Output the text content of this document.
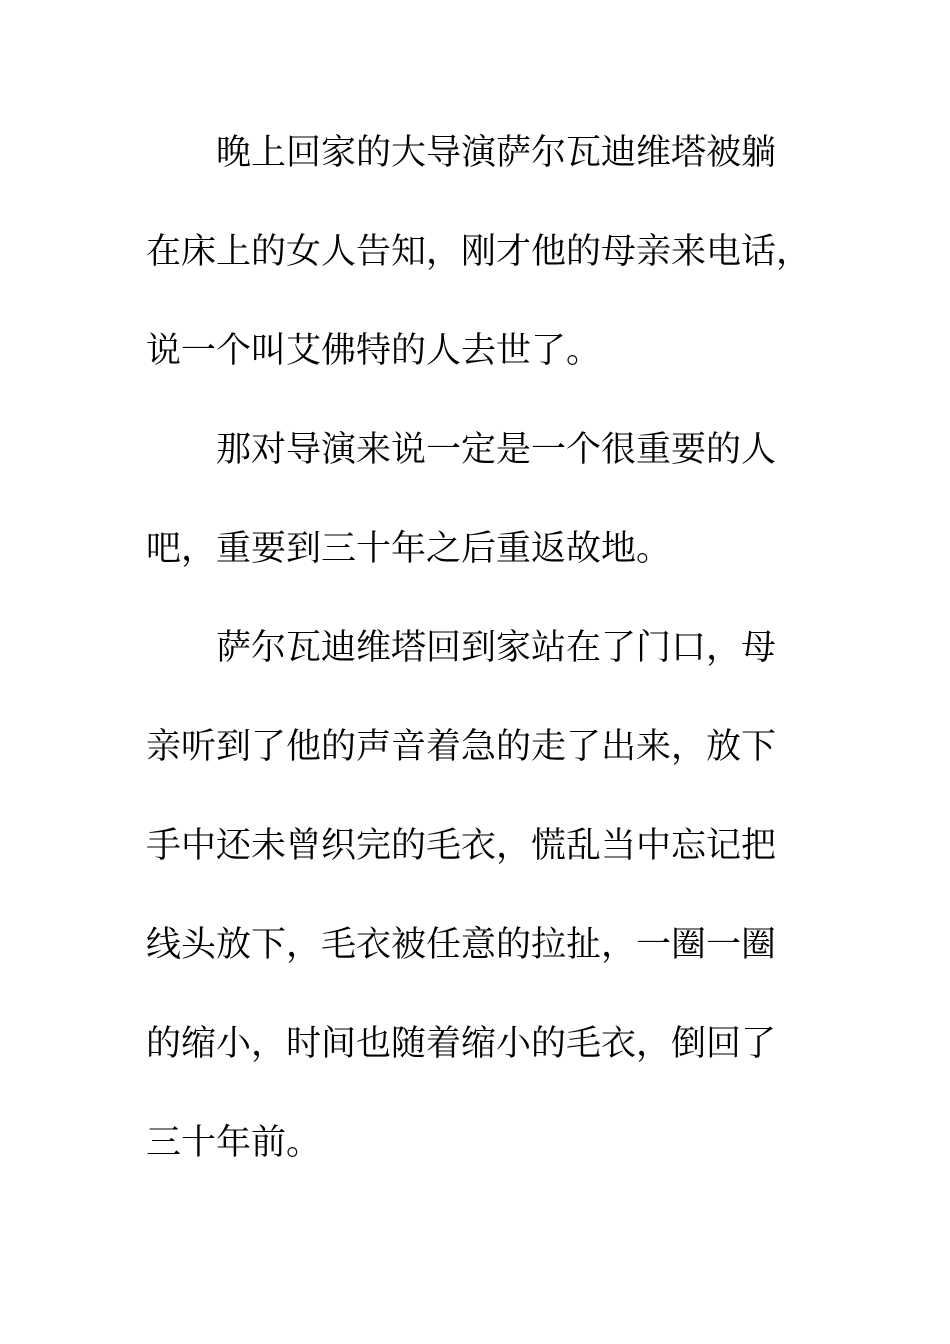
晚上回家的大导演萨尔瓦迪维塔被躺
在床上的女人告知，刚才他的母亲来电话，
说一个叫艾佛特的人去世了。
那对导演来说一定是一个很重要的人
吧，重要到三十年之后重返故地。
萨尔瓦迪维塔回到家站在了门口，母
亲听到了他的声音着急的走了出来，放下
手中还未曾织完的毛衣，慌乱当中忘记把
线头放下，毛衣被任意的拉扯，一圈一圈
的缩小，时间也随着缩小的毛衣，倒回了
三十年前。
